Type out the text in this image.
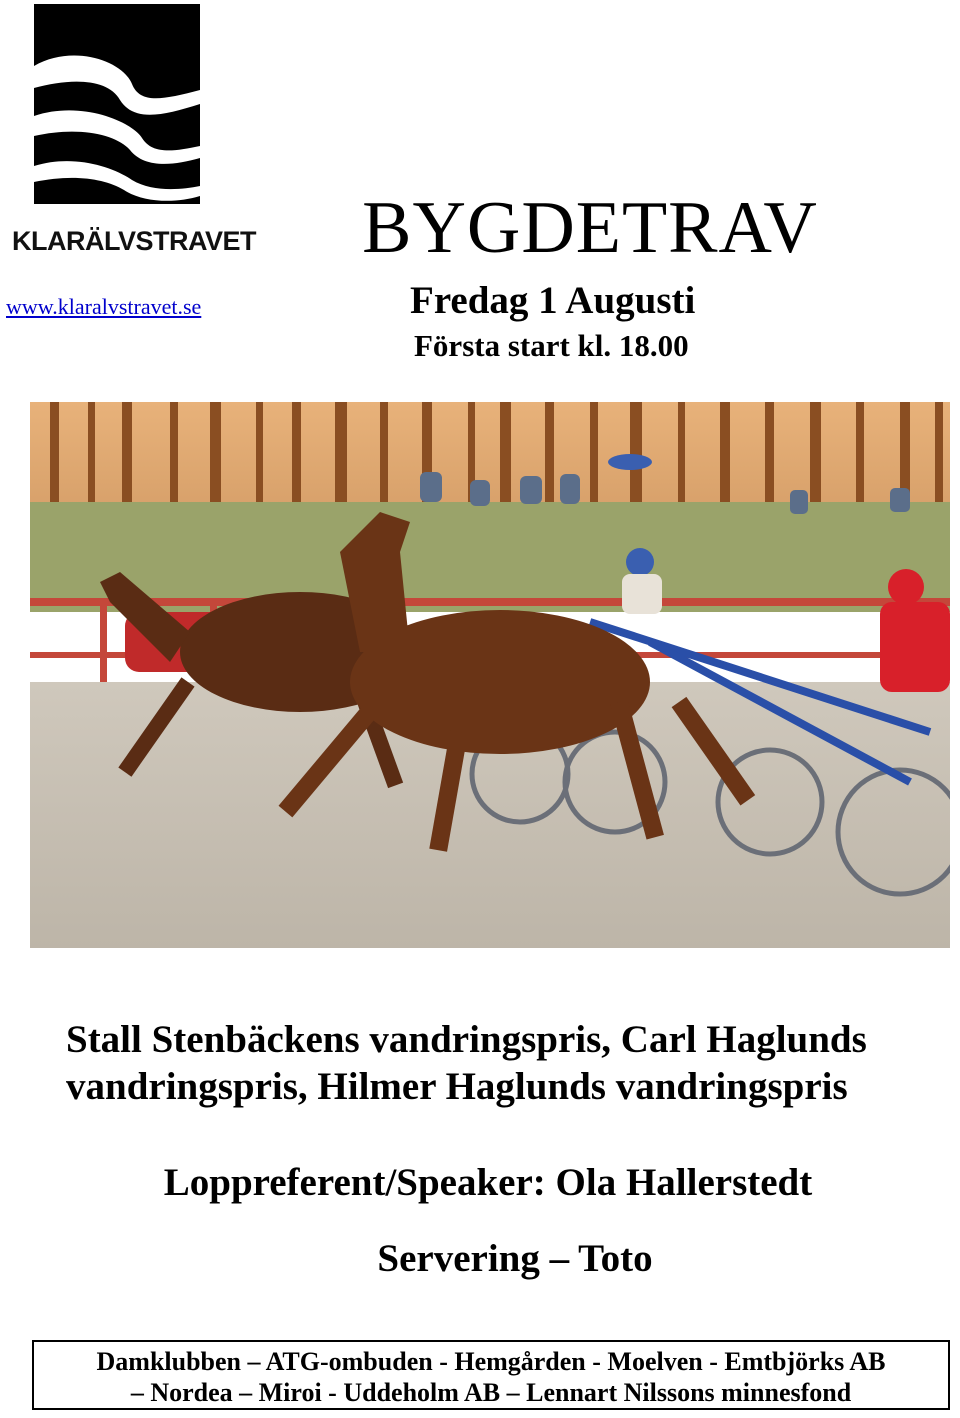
KLARÄLVSTRAVET
www.klaralvstravet.se
BYGDETRAV
Fredag 1 Augusti
Första start kl. 18.00
Stall Stenbäckens vandringspris, Carl Haglunds vandringspris, Hilmer Haglunds vandringspris
Loppreferent/Speaker: Ola Hallerstedt
Servering – Toto
Damklubben – ATG-ombuden - Hemgården - Moelven - Emtbjörks AB
– Nordea – Miroi - Uddeholm AB – Lennart Nilssons minnesfond
